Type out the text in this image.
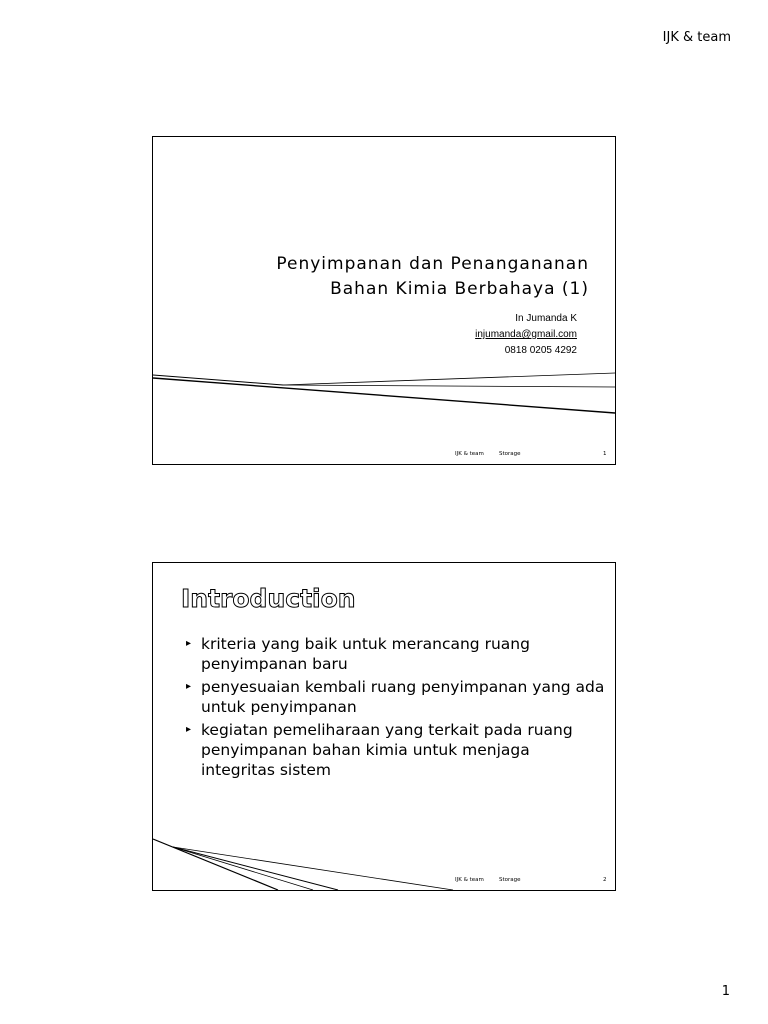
IJK & team
Penyimpanan dan Penangananan
Bahan Kimia Berbahaya (1)
In Jumanda K
injumanda@gmail.com
0818 0205 4292
IJK & team	Storage	1
Introduction
▸ kriteria yang baik untuk merancang ruang penyimpanan baru
▸ penyesuaian kembali ruang penyimpanan yang ada untuk penyimpanan
▸ kegiatan pemeliharaan yang terkait pada ruang penyimpanan bahan kimia untuk menjaga integritas sistem
IJK & team	Storage	2
1
